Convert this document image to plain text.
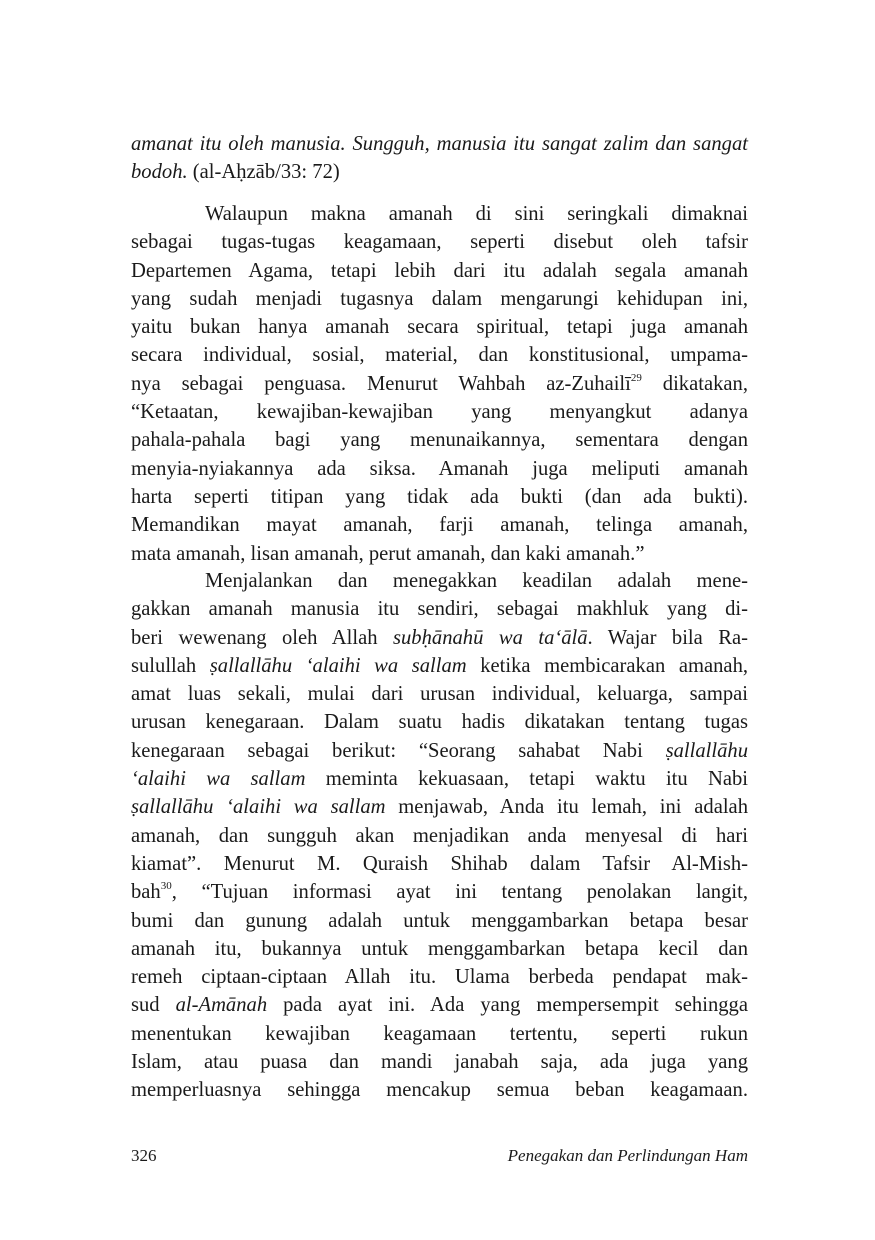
amanat itu oleh manusia. Sungguh, manusia itu sangat zalim dan sangat
bodoh. (al-Aḥzāb/33: 72)
Walaupun makna amanah di sini seringkali dimaknai
sebagai tugas-tugas keagamaan, seperti disebut oleh tafsir
Departemen Agama, tetapi lebih dari itu adalah segala amanah
yang sudah menjadi tugasnya dalam mengarungi kehidupan ini,
yaitu bukan hanya amanah secara spiritual, tetapi juga amanah
secara individual, sosial, material, dan konstitusional, umpama-
nya sebagai penguasa. Menurut Wahbah az-Zuhailī$^{29}$ dikatakan,
“Ketaatan, kewajiban-kewajiban yang menyangkut adanya
pahala-pahala bagi yang menunaikannya, sementara dengan
menyia-nyiakannya ada siksa. Amanah juga meliputi amanah
harta seperti titipan yang tidak ada bukti (dan ada bukti).
Memandikan mayat amanah, farji amanah, telinga amanah,
mata amanah, lisan amanah, perut amanah, dan kaki amanah.”
Menjalankan dan menegakkan keadilan adalah mene-
gakkan amanah manusia itu sendiri, sebagai makhluk yang di-
beri wewenang oleh Allah subḥānahū wa ta‘ālā. Wajar bila Ra-
sulullah ṣallallāhu ‘alaihi wa sallam ketika membicarakan amanah,
amat luas sekali, mulai dari urusan individual, keluarga, sampai
urusan kenegaraan. Dalam suatu hadis dikatakan tentang tugas
kenegaraan sebagai berikut: “Seorang sahabat Nabi ṣallallāhu
‘alaihi wa sallam meminta kekuasaan, tetapi waktu itu Nabi
ṣallallāhu ‘alaihi wa sallam menjawab, Anda itu lemah, ini adalah
amanah, dan sungguh akan menjadikan anda menyesal di hari
kiamat”. Menurut M. Quraish Shihab dalam Tafsir Al-Mish-
bah$^{30}$, “Tujuan informasi ayat ini tentang penolakan langit,
bumi dan gunung adalah untuk menggambarkan betapa besar
amanah itu, bukannya untuk menggambarkan betapa kecil dan
remeh ciptaan-ciptaan Allah itu. Ulama berbeda pendapat mak-
sud al-Amānah pada ayat ini. Ada yang mempersempit sehingga
menentukan kewajiban keagamaan tertentu, seperti rukun
Islam, atau puasa dan mandi janabah saja, ada juga yang
memperluasnya sehingga mencakup semua beban keagamaan.
326	Penegakan dan Perlindungan Ham
